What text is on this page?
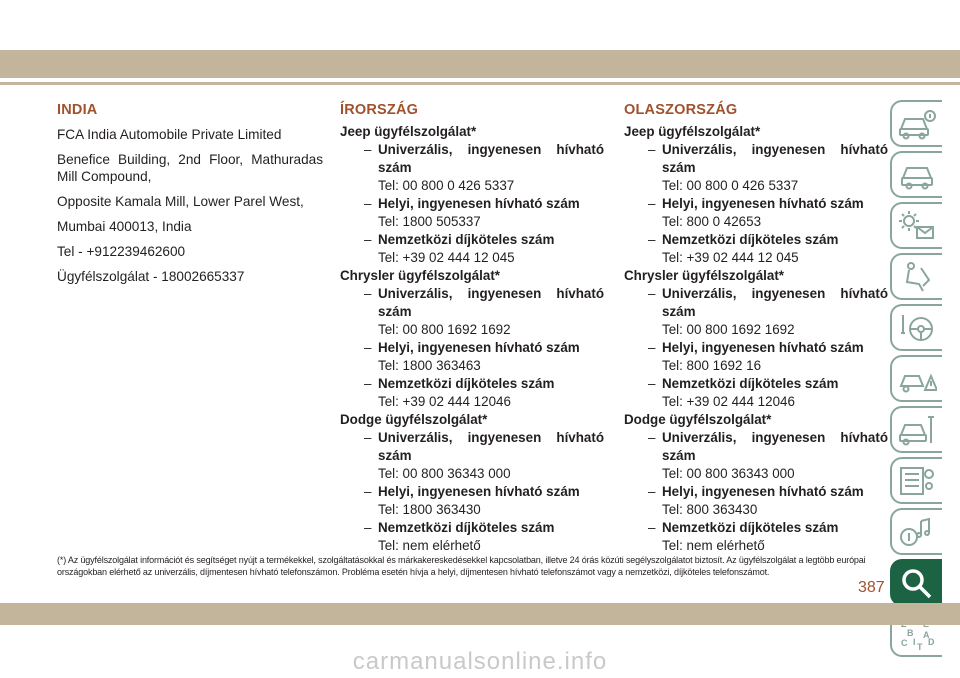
INDIA

FCA India Automobile Private Limited

Benefice Building, 2nd Floor, Mathuradas Mill Compound,

Opposite Kamala Mill, Lower Parel West,

Mumbai 400013, India

Tel - +912239462600

Ügyfélszolgálat - 18002665337

ÍRORSZÁG
Jeep ügyfélszolgálat*
– Univerzális, ingyenesen hívható
szám
Tel: 00 800 0 426 5337
– Helyi, ingyenesen hívható szám
Tel: 1800 505337
– Nemzetközi díjköteles szám
Tel: +39 02 444 12 045
Chrysler ügyfélszolgálat*
– Univerzális, ingyenesen hívható
szám
Tel: 00 800 1692 1692
– Helyi, ingyenesen hívható szám
Tel: 1800 363463
– Nemzetközi díjköteles szám
Tel: +39 02 444 12046
Dodge ügyfélszolgálat*
– Univerzális, ingyenesen hívható
szám
Tel: 00 800 36343 000
– Helyi, ingyenesen hívható szám
Tel: 1800 363430
– Nemzetközi díjköteles szám
Tel: nem elérhető
OLASZORSZÁG
Jeep ügyfélszolgálat*
– Univerzális, ingyenesen hívható
szám
Tel: 00 800 0 426 5337
– Helyi, ingyenesen hívható szám
Tel: 800 0 42653
– Nemzetközi díjköteles szám
Tel: +39 02 444 12 045
Chrysler ügyfélszolgálat*
– Univerzális, ingyenesen hívható
szám
Tel: 00 800 1692 1692
– Helyi, ingyenesen hívható szám
Tel: 800 1692 16
– Nemzetközi díjköteles szám
Tel: +39 02 444 12046
Dodge ügyfélszolgálat*
– Univerzális, ingyenesen hívható
szám
Tel: 00 800 36343 000
– Helyi, ingyenesen hívható szám
Tel: 800 363430
– Nemzetközi díjköteles szám
Tel: nem elérhető
B A
C D
I T
(*) Az ügyfélszolgálat információt és segítséget nyújt a termékekkel, szolgáltatásokkal és márkakereskedésekkel kapcsolatban, illetve 24 órás közúti segélyszolgálatot biztosít. Az ügyfélszolgálat a legtöbb európai országokban elérhető az univerzális, díjmentesen hívható telefonszámon. Probléma esetén hívja a helyi, díjmentesen hívható telefonszámot vagy a nemzetközi, díjköteles telefonszámot.
387
carmanualsonline.info
